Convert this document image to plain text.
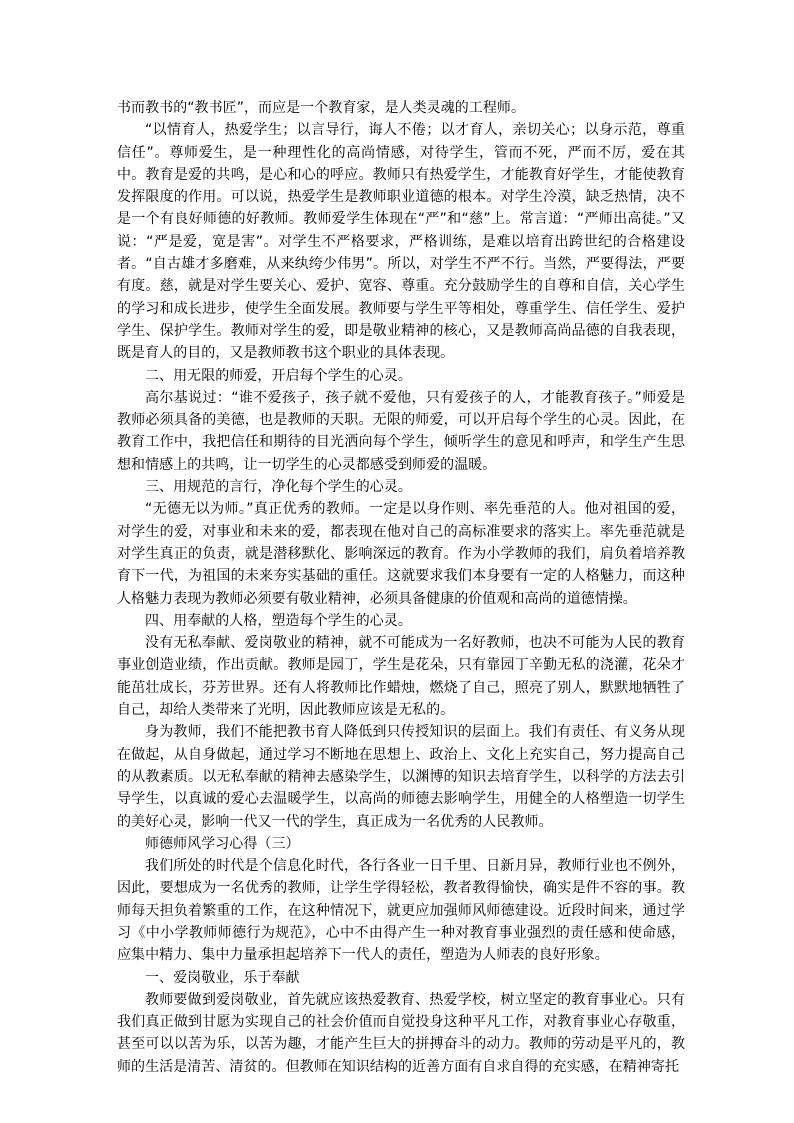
书而教书的“教书匠”，而应是一个教育家，是人类灵魂的工程师。

“以情育人，热爱学生；以言导行，诲人不倦；以才育人，亲切关心；以身示范，尊重信任”。尊师爱生，是一种理性化的高尚情感，对待学生，管而不死，严而不厉，爱在其中。教育是爱的共鸣，是心和心的呼应。教师只有热爱学生，才能教育好学生，才能使教育发挥限度的作用。可以说，热爱学生是教师职业道德的根本。对学生冷漠，缺乏热情，决不是一个有良好师德的好教师。教师爱学生体现在“严”和“慈”上。常言道：“严师出高徒。”又说：“严是爱，宽是害”。对学生不严格要求，严格训练，是难以培育出跨世纪的合格建设者。“自古雄才多磨难，从来纨绔少伟男”。所以，对学生不严不行。当然，严要得法，严要有度。慈，就是对学生要关心、爱护、宽容、尊重。充分鼓励学生的自尊和自信，关心学生的学习和成长进步，使学生全面发展。教师要与学生平等相处，尊重学生、信任学生、爱护学生、保护学生。教师对学生的爱，即是敬业精神的核心，又是教师高尚品德的自我表现，既是育人的目的，又是教师教书这个职业的具体表现。

二、用无限的师爱，开启每个学生的心灵。

高尔基说过：“谁不爱孩子，孩子就不爱他，只有爱孩子的人，才能教育孩子。”师爱是教师必须具备的美德，也是教师的天职。无限的师爱，可以开启每个学生的心灵。因此，在教育工作中，我把信任和期待的目光洒向每个学生，倾听学生的意见和呼声，和学生产生思想和情感上的共鸣，让一切学生的心灵都感受到师爱的温暖。

三、用规范的言行，净化每个学生的心灵。

“无德无以为师。”真正优秀的教师。一定是以身作则、率先垂范的人。他对祖国的爱，对学生的爱，对事业和未来的爱，都表现在他对自己的高标准要求的落实上。率先垂范就是对学生真正的负责，就是潜移默化、影响深远的教育。作为小学教师的我们，肩负着培养教育下一代，为祖国的未来夯实基础的重任。这就要求我们本身要有一定的人格魅力，而这种人格魅力表现为教师必须要有敬业精神，必须具备健康的价值观和高尚的道德情操。

四、用奉献的人格，塑造每个学生的心灵。

没有无私奉献、爱岗敬业的精神，就不可能成为一名好教师，也决不可能为人民的教育事业创造业绩，作出贡献。教师是园丁，学生是花朵，只有靠园丁辛勤无私的浇灌，花朵才能茁壮成长，芬芳世界。还有人将教师比作蜡烛，燃烧了自己，照亮了别人，默默地牺牲了自己，却给人类带来了光明，因此教师应该是无私的。

身为教师，我们不能把教书育人降低到只传授知识的层面上。我们有责任、有义务从现在做起，从自身做起，通过学习不断地在思想上、政治上、文化上充实自己，努力提高自己的从教素质。以无私奉献的精神去感染学生，以渊博的知识去培育学生，以科学的方法去引导学生，以真诚的爱心去温暖学生，以高尚的师德去影响学生，用健全的人格塑造一切学生的美好心灵，影响一代又一代的学生，真正成为一名优秀的人民教师。

师德师风学习心得（三）

我们所处的时代是个信息化时代，各行各业一日千里、日新月异，教师行业也不例外，因此，要想成为一名优秀的教师，让学生学得轻松，教者教得愉快，确实是件不容的事。教师每天担负着繁重的工作，在这种情况下，就更应加强师风师德建设。近段时间来，通过学习《中小学教师师德行为规范》，心中不由得产生一种对教育事业强烈的责任感和使命感，应集中精力、集中力量承担起培养下一代人的责任，塑造为人师表的良好形象。

一、爱岗敬业，乐于奉献

教师要做到爱岗敬业，首先就应该热爱教育、热爱学校，树立坚定的教育事业心。只有我们真正做到甘愿为实现自己的社会价值而自觉投身这种平凡工作，对教育事业心存敬重，甚至可以以苦为乐，以苦为趣，才能产生巨大的拼搏奋斗的动力。教师的劳动是平凡的，教师的生活是清苦、清贫的。但教师在知识结构的近善方面有自求自得的充实感，在精神寄托
